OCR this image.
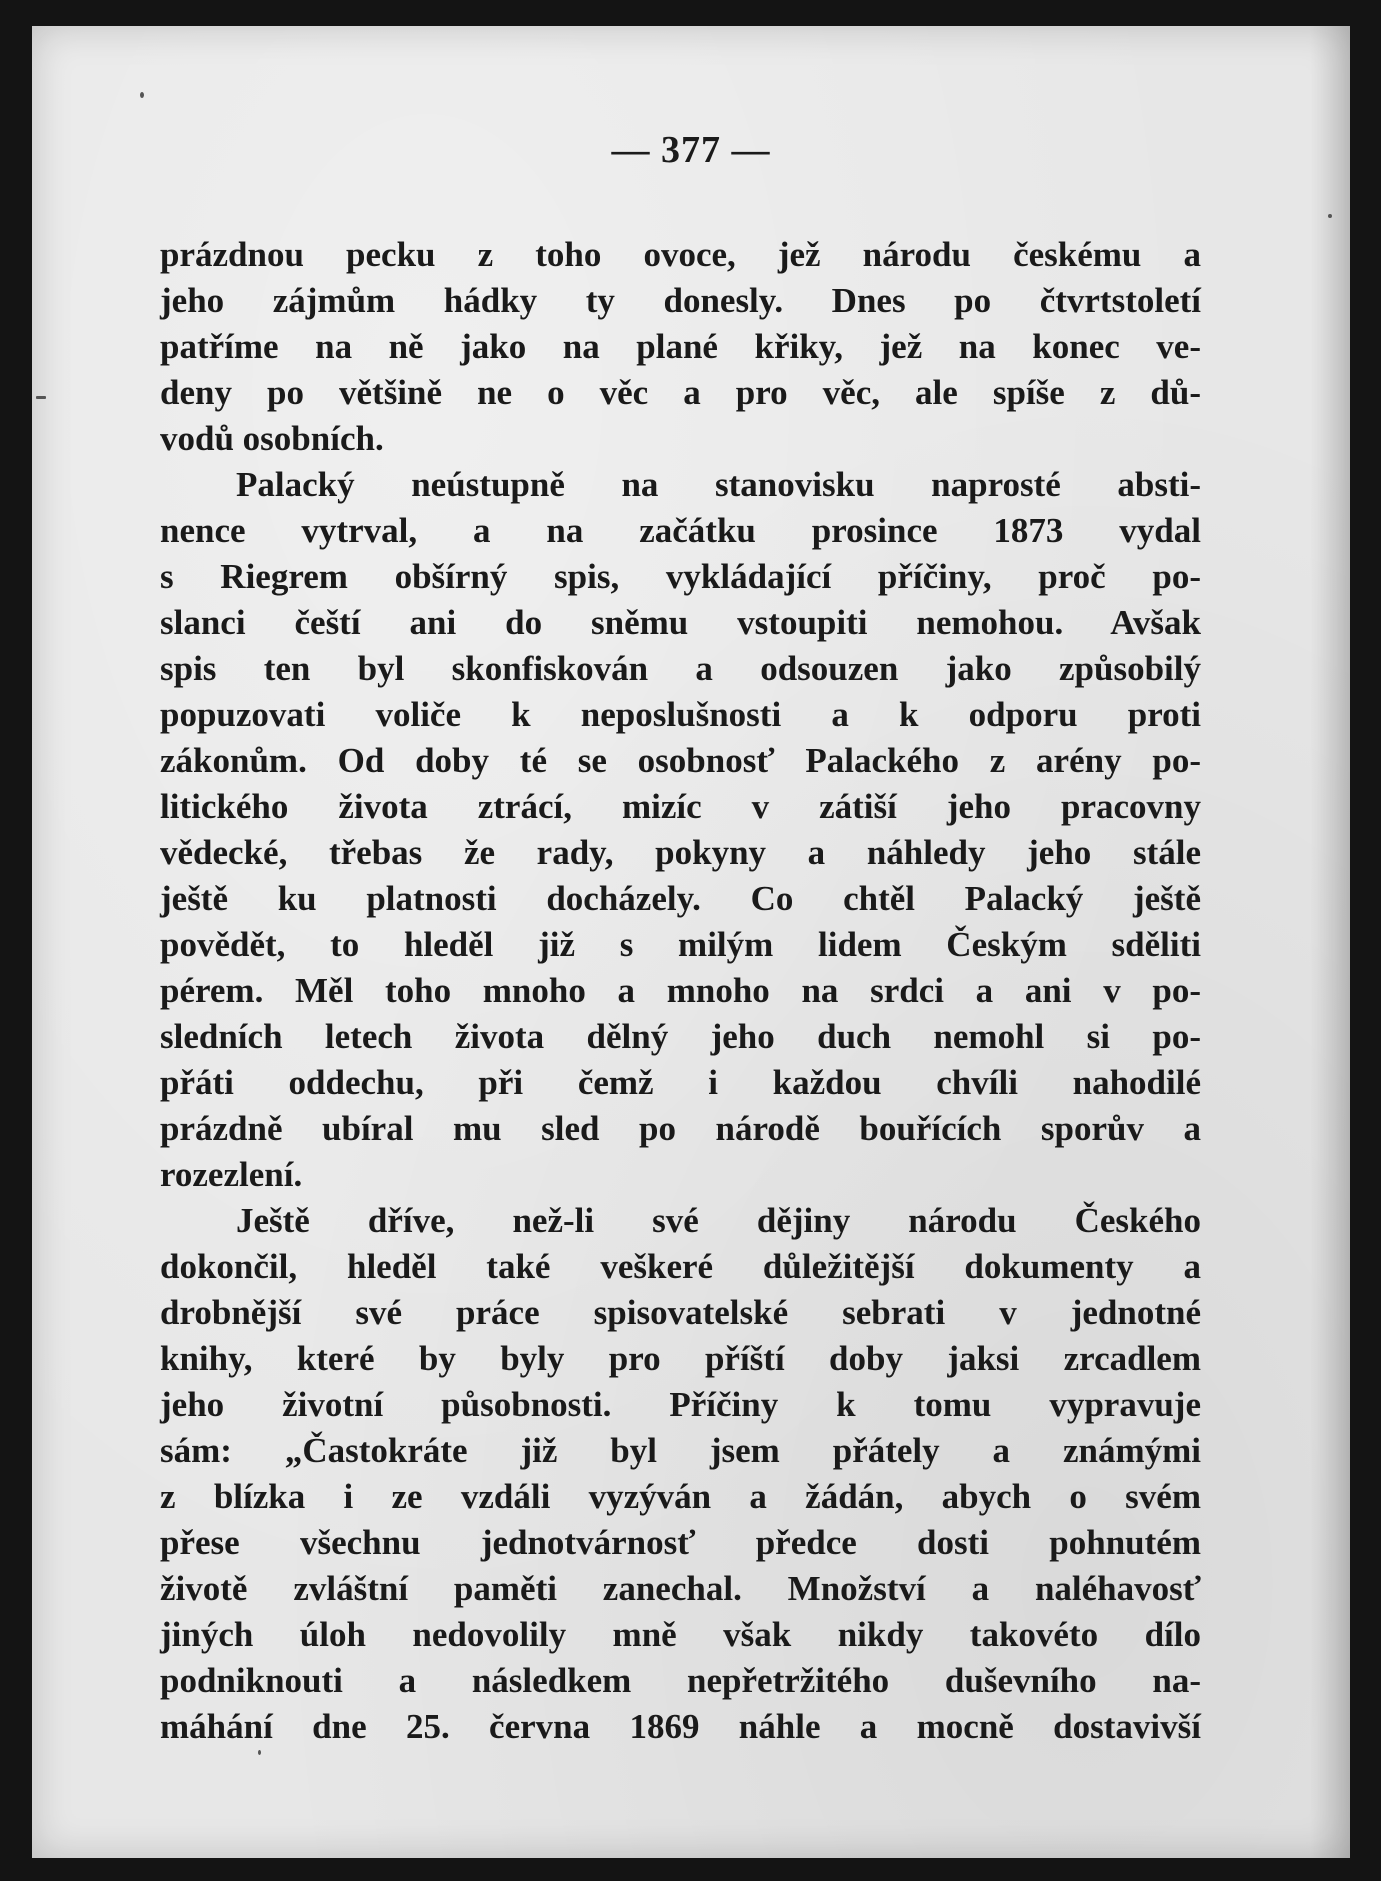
— 377 —
prázdnou pecku z toho ovoce, jež národu českému a
jeho zájmům hádky ty donesly. Dnes po čtvrtstoletí
patříme na ně jako na plané křiky, jež na konec ve-
deny po většině ne o věc a pro věc, ale spíše z dů-
vodů osobních.
Palacký neústupně na stanovisku naprosté absti-
nence vytrval, a na začátku prosince 1873 vydal
s Riegrem obšírný spis, vykládající příčiny, proč po-
slanci čeští ani do sněmu vstoupiti nemohou. Avšak
spis ten byl skonfiskován a odsouzen jako způsobilý
popuzovati voliče k neposlušnosti a k odporu proti
zákonům. Od doby té se osobnosť Palackého z arény po-
litického života ztrácí, mizíc v zátiší jeho pracovny
vědecké, třebas že rady, pokyny a náhledy jeho stále
ještě ku platnosti docházely. Co chtěl Palacký ještě
povědět, to hleděl již s milým lidem Českým sděliti
pérem. Měl toho mnoho a mnoho na srdci a ani v po-
sledních letech života dělný jeho duch nemohl si po-
přáti oddechu, při čemž i každou chvíli nahodilé
prázdně ubíral mu sled po národě bouřících sporův a
rozezlení.
Ještě dříve, než-li své dějiny národu Českého
dokončil, hleděl také veškeré důležitější dokumenty a
drobnější své práce spisovatelské sebrati v jednotné
knihy, které by byly pro příští doby jaksi zrcadlem
jeho životní působnosti. Příčiny k tomu vypravuje
sám: „Častokráte již byl jsem přátely a známými
z blízka i ze vzdáli vyzýván a žádán, abych o svém
přese všechnu jednotvárnosť předce dosti pohnutém
životě zvláštní paměti zanechal. Množství a naléhavosť
jiných úloh nedovolily mně však nikdy takovéto dílo
podniknouti a následkem nepřetržitého duševního na-
máhání dne 25. června 1869 náhle a mocně dostavivší
